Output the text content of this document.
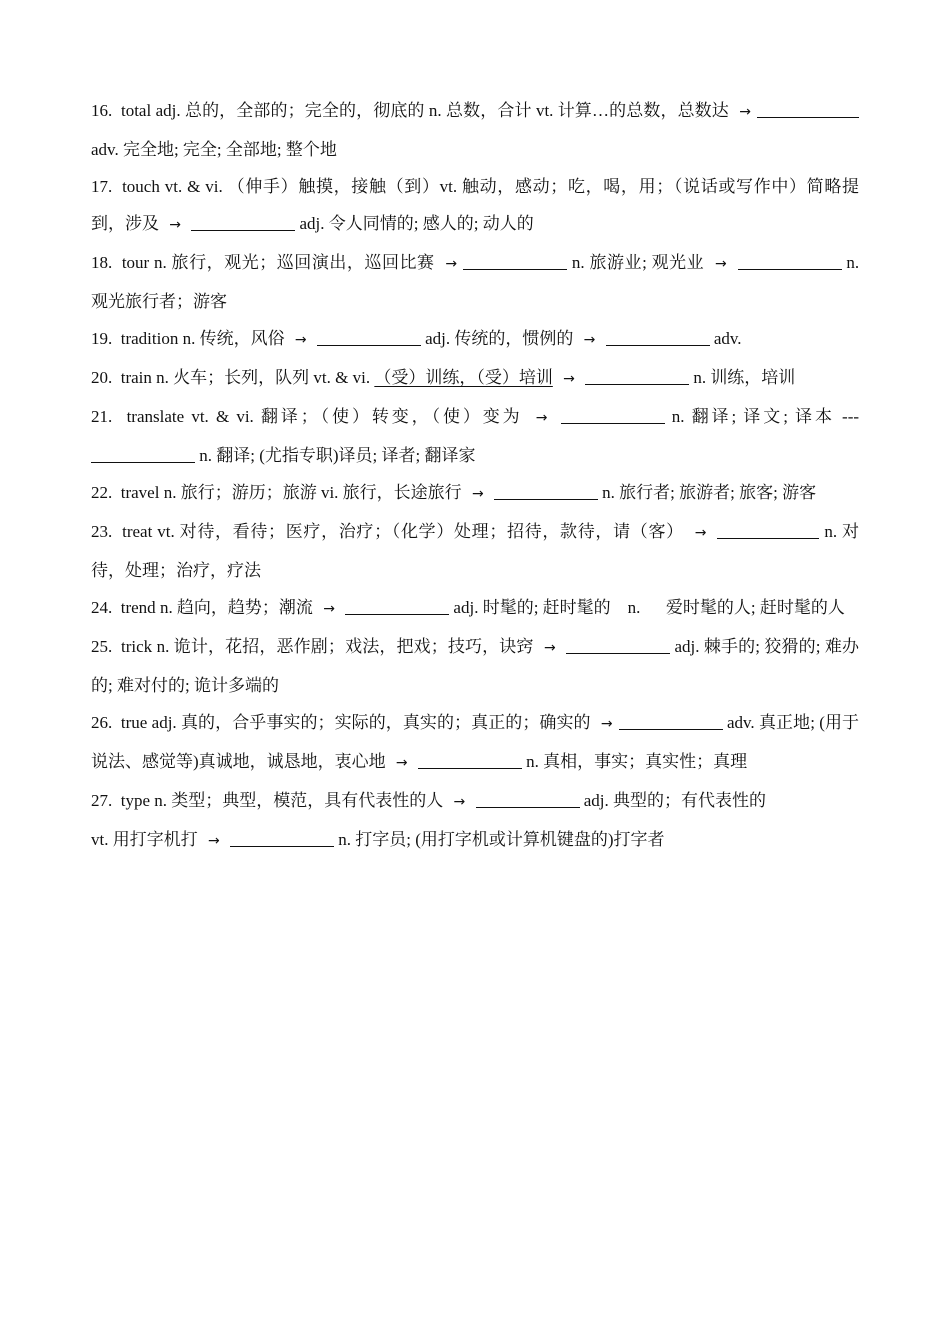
16. total adj. 总的，全部的；完全的，彻底的 n. 总数，合计 vt. 计算…的总数，总数达 → adv. 完全地; 完全; 全部地; 整个地

17. touch vt. & vi. （伸手）触摸，接触（到）vt. 触动，感动；吃，喝，用；（说话或写作中）简略提到，涉及 →	adj. 令人同情的; 感人的; 动人的

18. tour n. 旅行，观光；巡回演出，巡回比赛 →	n. 旅游业; 观光业 →	n. 观光旅行者；游客

19. tradition n. 传统，风俗 →	adj. 传统的，惯例的 →	adv.

20. train n. 火车；长列，队列 vt. & vi. （受）训练，（受）培训 →	n. 训练，培训

21. translate vt. & vi. 翻译；（使）转变，（使）变为 →	n. 翻译; 译文; 译本 ---  n. 翻译; (尤指专职)译员; 译者; 翻译家

22. travel n. 旅行；游历；旅游 vi. 旅行，长途旅行 →	n. 旅行者; 旅游者; 旅客; 游客

23. treat vt. 对待，看待；医疗，治疗；（化学）处理；招待，款待，请（客） →	n. 对待，处理；治疗，疗法

24. trend n. 趋向，趋势；潮流 →	adj. 时髦的; 赶时髦的 n. 爱时髦的人; 赶时髦的人

25. trick n. 诡计，花招，恶作剧；戏法，把戏；技巧，诀窍 →	adj. 棘手的; 狡猾的; 难办的; 难对付的; 诡计多端的

26. true adj. 真的，合乎事实的；实际的，真实的；真正的；确实的 →	adv. 真正地; (用于说法、感觉等)真诚地，诚恳地，衷心地 →	n. 真相，事实；真实性；真理

27. type n. 类型；典型，模范，具有代表性的人 →	adj. 典型的；有代表性的
vt. 用打字机打 →	n. 打字员; (用打字机或计算机键盘的)打字者
